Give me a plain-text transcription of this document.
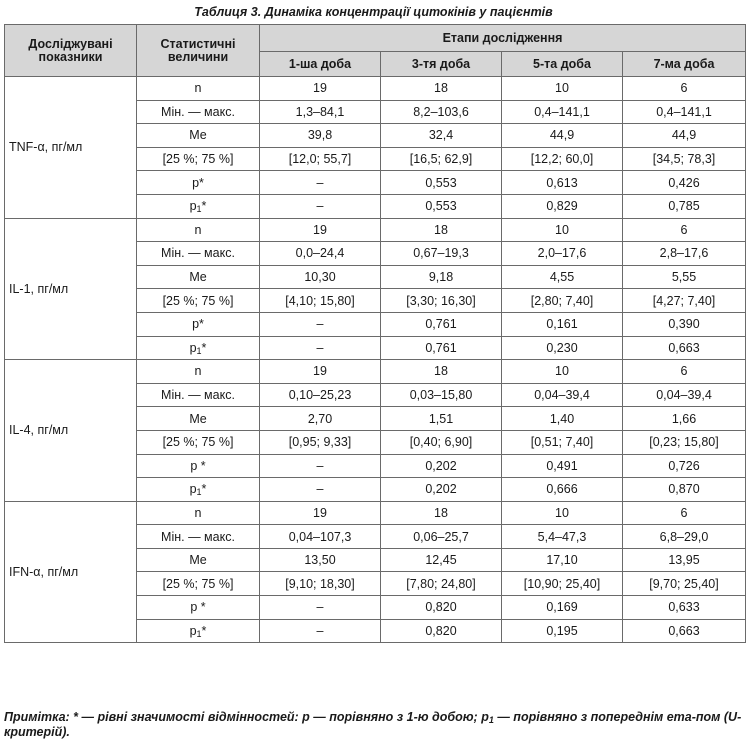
Таблиця 3. Динаміка концентрації цитокінів у пацієнтів
Досліджувані показники	Статистичні величини	Етапи дослідження			
		1-ша доба	3-тя доба	5-та доба	7-ма доба
TNF-α, пг/мл	n	19	18	10	6
	Мін. — макс.	1,3–84,1	8,2–103,6	0,4–141,1	0,4–141,1
	Ме	39,8	32,4	44,9	44,9
	[25 %; 75 %]	[12,0; 55,7]	[16,5; 62,9]	[12,2; 60,0]	[34,5; 78,3]
	p*	–	0,553	0,613	0,426
	$p_1*$	–	0,553	0,829	0,785
IL-1, пг/мл	n	19	18	10	6
	Мін. — макс.	0,0–24,4	0,67–19,3	2,0–17,6	2,8–17,6
	Me	10,30	9,18	4,55	5,55
	[25 %; 75 %]	[4,10; 15,80]	[3,30; 16,30]	[2,80; 7,40]	[4,27; 7,40]
	p*	–	0,761	0,161	0,390
	$p_1*$	–	0,761	0,230	0,663
IL-4, пг/мл	n	19	18	10	6
	Мін. — макс.	0,10–25,23	0,03–15,80	0,04–39,4	0,04–39,4
	Me	2,70	1,51	1,40	1,66
	[25 %; 75 %]	[0,95; 9,33]	[0,40; 6,90]	[0,51; 7,40]	[0,23; 15,80]
	p *	–	0,202	0,491	0,726
	$p_1*$	–	0,202	0,666	0,870
IFN-α, пг/мл	n	19	18	10	6
	Мін. — макс.	0,04–107,3	0,06–25,7	5,4–47,3	6,8–29,0
	Me	13,50	12,45	17,10	13,95
	[25 %; 75 %]	[9,10; 18,30]	[7,80; 24,80]	[10,90; 25,40]	[9,70; 25,40]
	p *	–	0,820	0,169	0,633
	$p_1*$	–	0,820	0,195	0,663
Примітка: * — рівні значимості відмінностей: p — порівняно з 1-ю добою; $p_1$ — порівняно з попереднім ета-пом (U-критерій).
